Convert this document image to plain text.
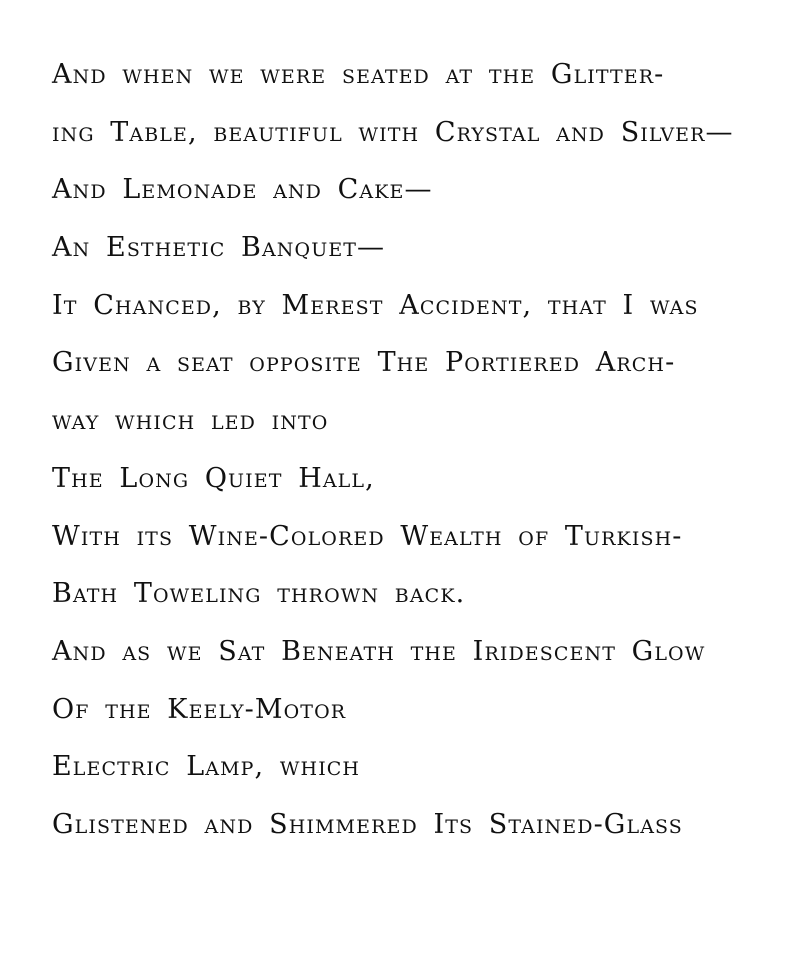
And when we were seated at the Glitter-
ing Table, beautiful with Crystal and Silver—
And Lemonade and Cake—
An Esthetic Banquet—
It Chanced, by Merest Accident, that I was
Given a seat opposite The Portiered Arch-
way which led into
The Long Quiet Hall,
With its Wine-Colored Wealth of Turkish-
Bath Toweling thrown back.
And as we Sat Beneath the Iridescent Glow
Of the Keely-Motor
Electric Lamp, which
Glistened and Shimmered Its Stained-Glass
